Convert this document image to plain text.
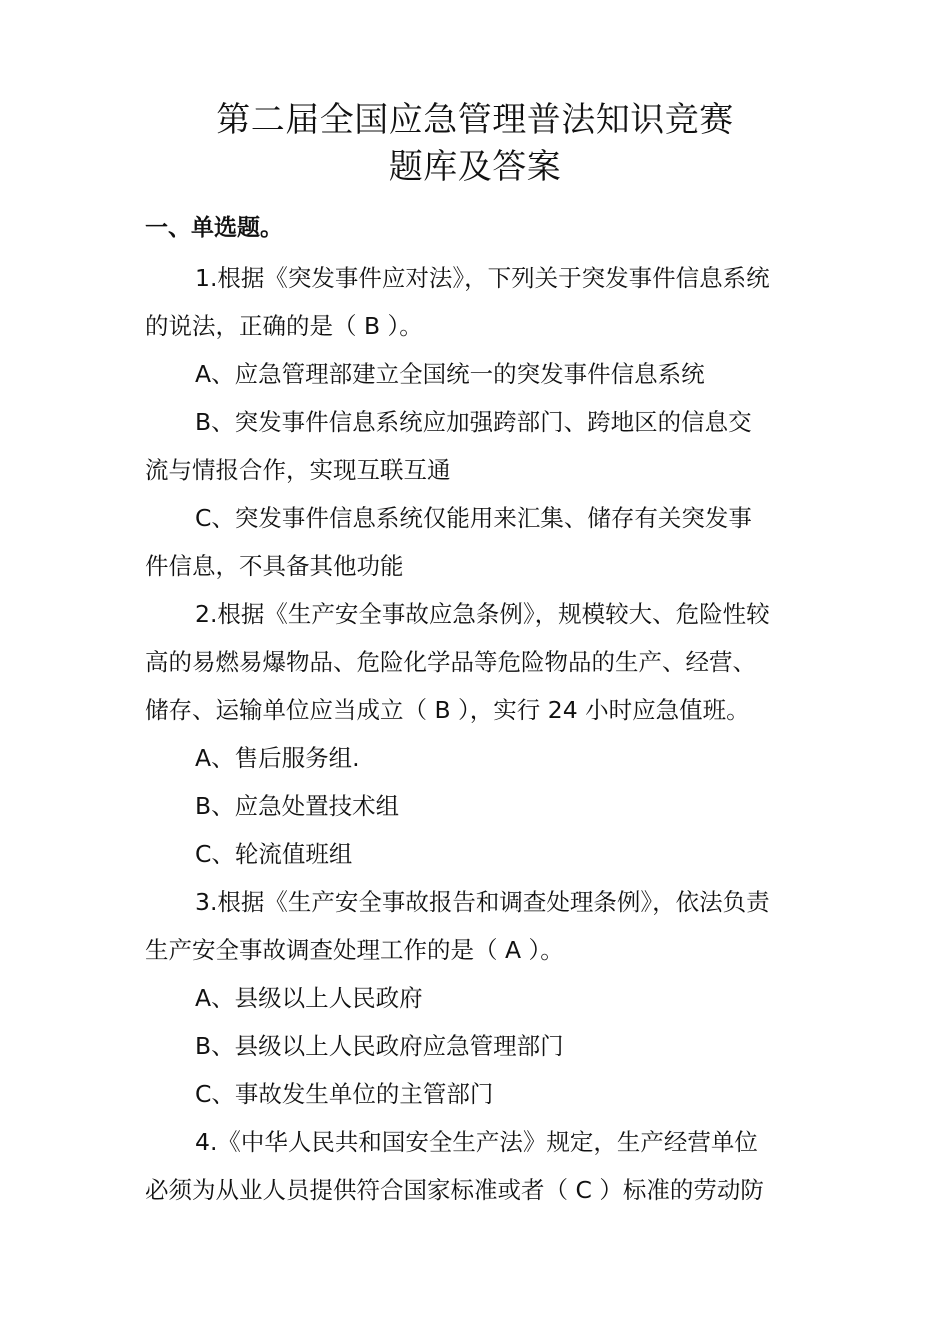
第二届全国应急管理普法知识竞赛
题库及答案
一、单选题。
1.根据《突发事件应对法》，下列关于突发事件信息系统
的说法，正确的是（ B ）。
A、应急管理部建立全国统一的突发事件信息系统
B、突发事件信息系统应加强跨部门、跨地区的信息交
流与情报合作，实现互联互通
C、突发事件信息系统仅能用来汇集、储存有关突发事
件信息，不具备其他功能
2.根据《生产安全事故应急条例》，规模较大、危险性较
高的易燃易爆物品、危险化学品等危险物品的生产、经营、
储存、运输单位应当成立（ B ），实行 24 小时应急值班。
A、售后服务组.
B、应急处置技术组
C、轮流值班组
3.根据《生产安全事故报告和调查处理条例》，依法负责
生产安全事故调查处理工作的是（ A ）。
A、县级以上人民政府
B、县级以上人民政府应急管理部门
C、事故发生单位的主管部门
4.《中华人民共和国安全生产法》规定，生产经营单位
必须为从业人员提供符合国家标准或者（ C ）标准的劳动防
